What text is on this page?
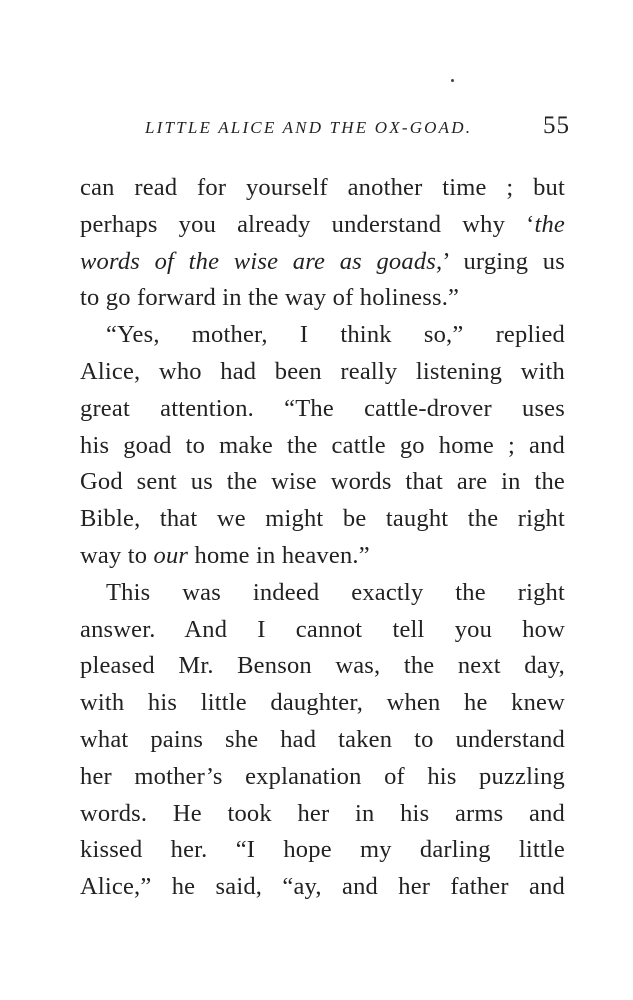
LITTLE ALICE AND THE OX-GOAD.	55
can read for yourself another time ; but
perhaps you already understand why ‘the
words of the wise are as goads,’ urging us
to go forward in the way of holiness.”
“Yes, mother, I think so,” replied
Alice, who had been really listening with
great attention. “The cattle-drover uses
his goad to make the cattle go home ; and
God sent us the wise words that are in the
Bible, that we might be taught the right
way to our home in heaven.”
This was indeed exactly the right
answer. And I cannot tell you how
pleased Mr. Benson was, the next day,
with his little daughter, when he knew
what pains she had taken to understand
her mother’s explanation of his puzzling
words. He took her in his arms and
kissed her. “I hope my darling little
Alice,” he said, “ay, and her father and
